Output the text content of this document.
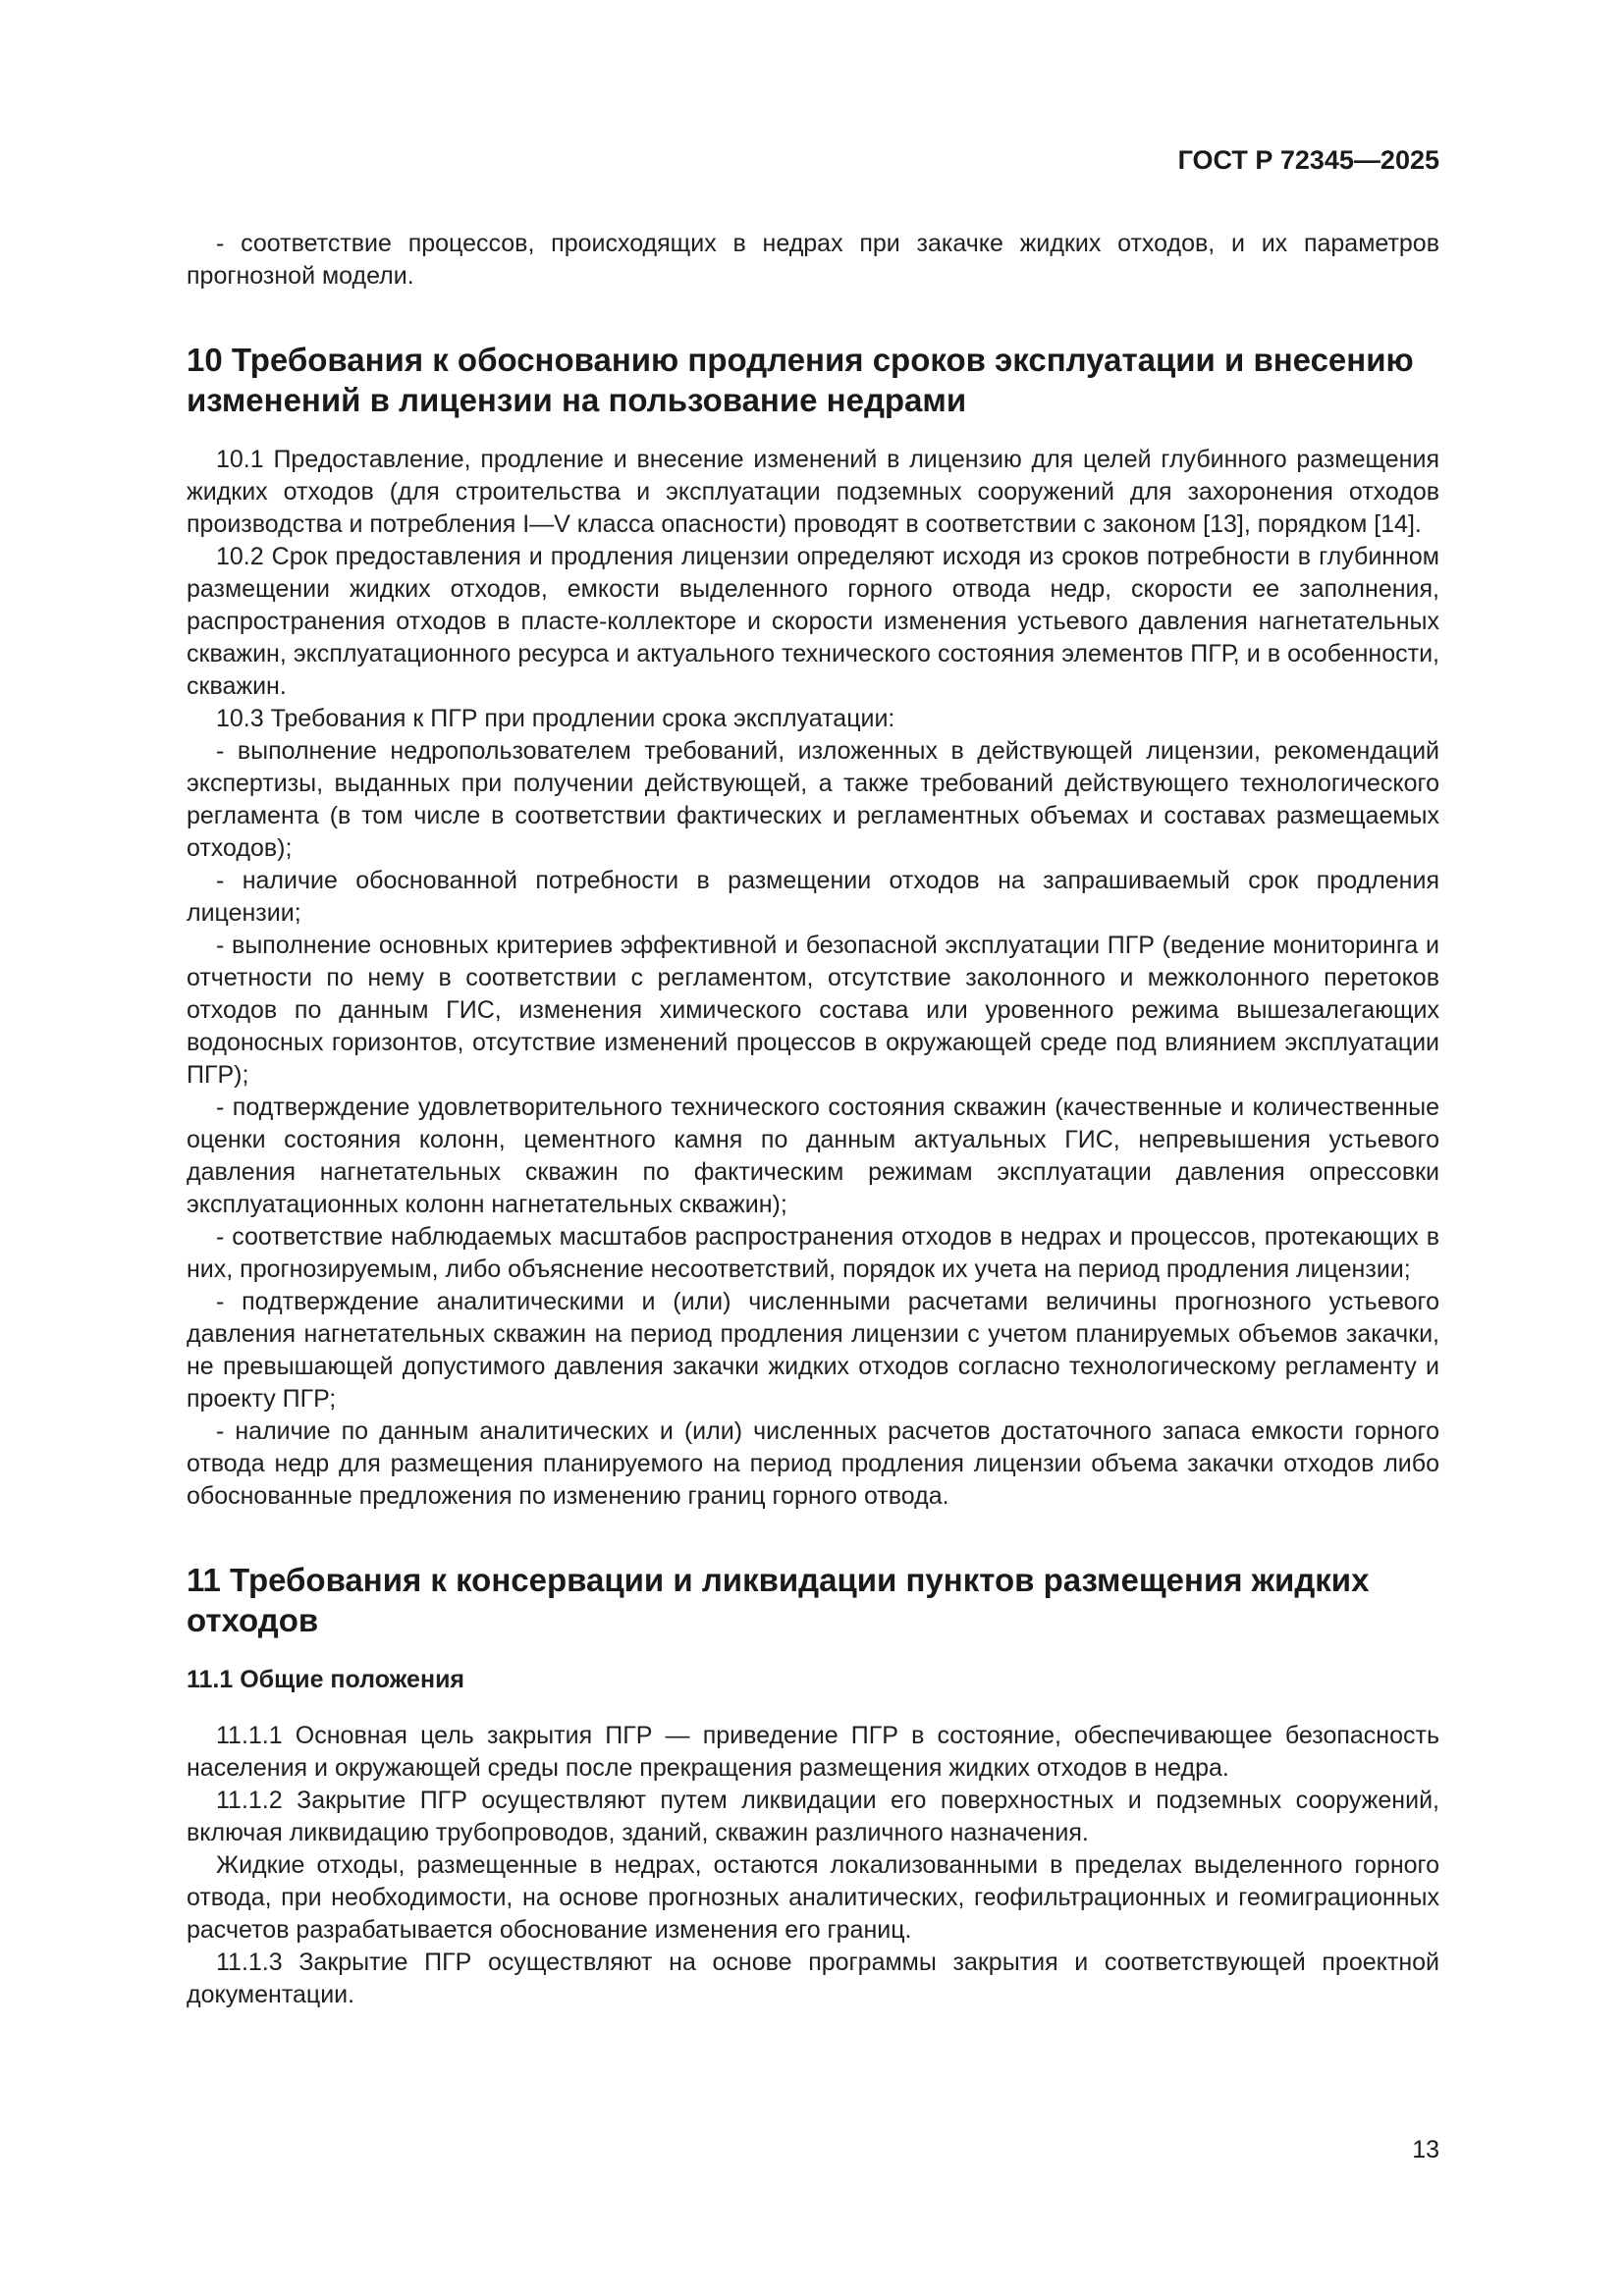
ГОСТ Р 72345—2025

- соответствие процессов, происходящих в недрах при закачке жидких отходов, и их параметров прогнозной модели.

10 Требования к обоснованию продления сроков эксплуатации и внесению изменений в лицензии на пользование недрами

10.1 Предоставление, продление и внесение изменений в лицензию для целей глубинного размещения жидких отходов (для строительства и эксплуатации подземных сооружений для захоронения отходов производства и потребления I—V класса опасности) проводят в соответствии с законом [13], порядком [14].

10.2 Срок предоставления и продления лицензии определяют исходя из сроков потребности в глубинном размещении жидких отходов, емкости выделенного горного отвода недр, скорости ее заполнения, распространения отходов в пласте-коллекторе и скорости изменения устьевого давления нагнетательных скважин, эксплуатационного ресурса и актуального технического состояния элементов ПГР, и в особенности, скважин.

10.3 Требования к ПГР при продлении срока эксплуатации:

- выполнение недропользователем требований, изложенных в действующей лицензии, рекомендаций экспертизы, выданных при получении действующей, а также требований действующего технологического регламента (в том числе в соответствии фактических и регламентных объемах и составах размещаемых отходов);

- наличие обоснованной потребности в размещении отходов на запрашиваемый срок продления лицензии;

- выполнение основных критериев эффективной и безопасной эксплуатации ПГР (ведение мониторинга и отчетности по нему в соответствии с регламентом, отсутствие заколонного и межколонного перетоков отходов по данным ГИС, изменения химического состава или уровенного режима вышезалегающих водоносных горизонтов, отсутствие изменений процессов в окружающей среде под влиянием эксплуатации ПГР);

- подтверждение удовлетворительного технического состояния скважин (качественные и количественные оценки состояния колонн, цементного камня по данным актуальных ГИС, непревышения устьевого давления нагнетательных скважин по фактическим режимам эксплуатации давления опрессовки эксплуатационных колонн нагнетательных скважин);

- соответствие наблюдаемых масштабов распространения отходов в недрах и процессов, протекающих в них, прогнозируемым, либо объяснение несоответствий, порядок их учета на период продления лицензии;

- подтверждение аналитическими и (или) численными расчетами величины прогнозного устьевого давления нагнетательных скважин на период продления лицензии с учетом планируемых объемов закачки, не превышающей допустимого давления закачки жидких отходов согласно технологическому регламенту и проекту ПГР;

- наличие по данным аналитических и (или) численных расчетов достаточного запаса емкости горного отвода недр для размещения планируемого на период продления лицензии объема закачки отходов либо обоснованные предложения по изменению границ горного отвода.

11 Требования к консервации и ликвидации пунктов размещения жидких отходов
11.1 Общие положения

11.1.1 Основная цель закрытия ПГР — приведение ПГР в состояние, обеспечивающее безопасность населения и окружающей среды после прекращения размещения жидких отходов в недра.

11.1.2 Закрытие ПГР осуществляют путем ликвидации его поверхностных и подземных сооружений, включая ликвидацию трубопроводов, зданий, скважин различного назначения.

Жидкие отходы, размещенные в недрах, остаются локализованными в пределах выделенного горного отвода, при необходимости, на основе прогнозных аналитических, геофильтрационных и геомиграционных расчетов разрабатывается обоснование изменения его границ.

11.1.3 Закрытие ПГР осуществляют на основе программы закрытия и соответствующей проектной документации.

13
